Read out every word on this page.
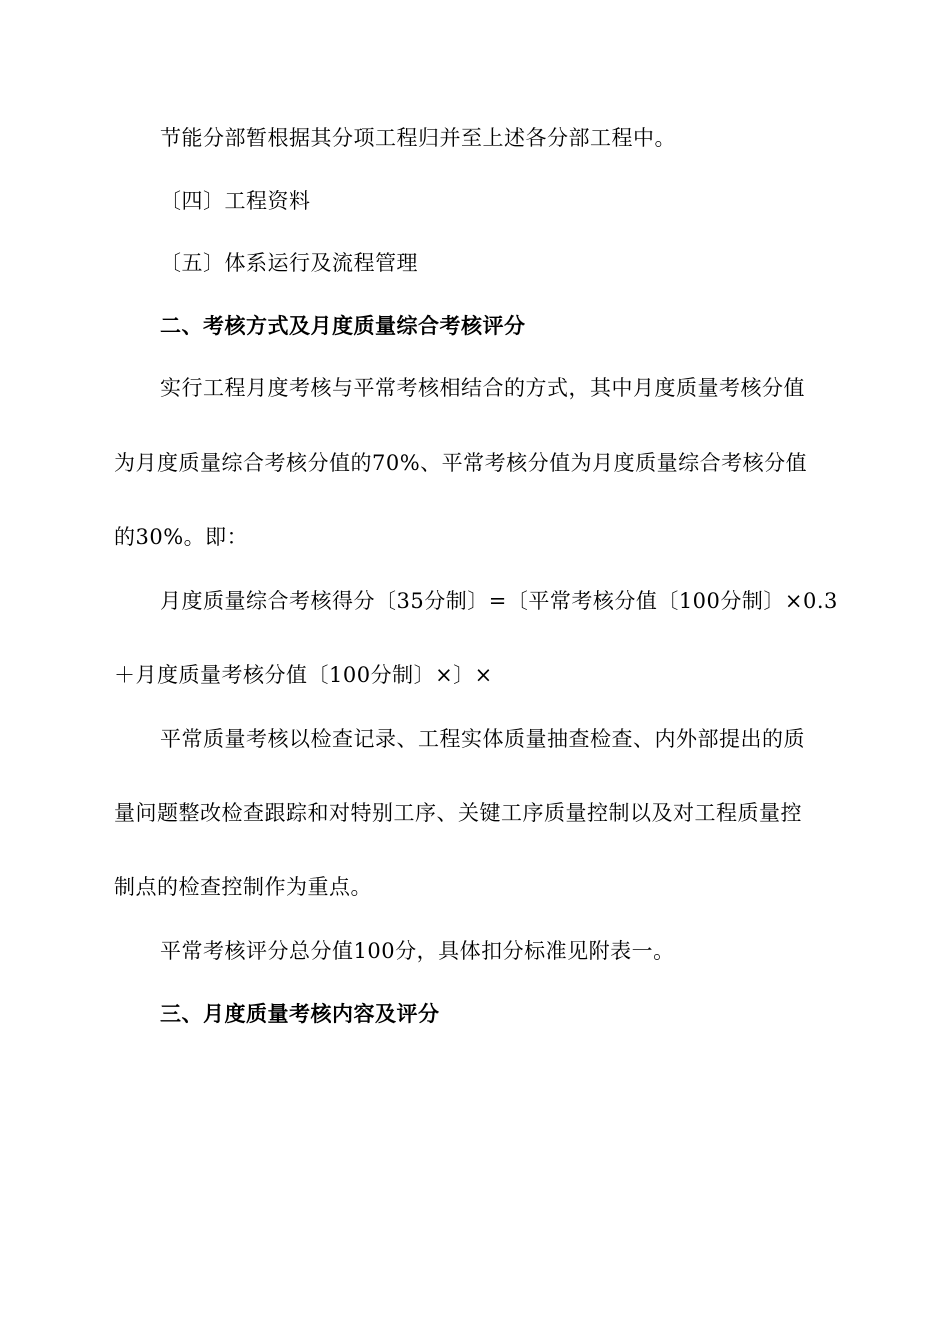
节能分部暂根据其分项工程归并至上述各分部工程中。
〔四〕工程资料
〔五〕体系运行及流程管理
二、考核方式及月度质量综合考核评分
实行工程月度考核与平常考核相结合的方式，其中月度质量考核分值
为月度质量综合考核分值的70%、平常考核分值为月度质量综合考核分值
的30%。即：
月度质量综合考核得分〔35分制〕=〔平常考核分值〔100分制〕×0.3
＋月度质量考核分值〔100分制〕×〕×
平常质量考核以检查记录、工程实体质量抽查检查、内外部提出的质
量问题整改检查跟踪和对特别工序、关键工序质量控制以及对工程质量控
制点的检查控制作为重点。
平常考核评分总分值100分，具体扣分标准见附表一。
三、月度质量考核内容及评分
